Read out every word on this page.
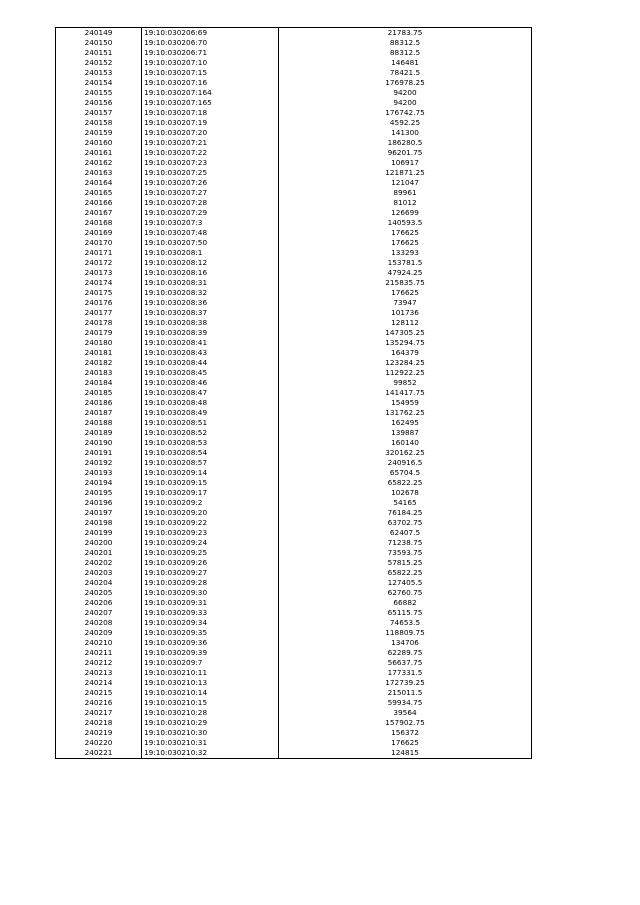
240149	19:10:030206:69	21783.75
240150	19:10:030206:70	88312.5
240151	19:10:030206:71	88312.5
240152	19:10:030207:10	146481
240153	19:10:030207:15	78421.5
240154	19:10:030207:16	176978.25
240155	19:10:030207:164	94200
240156	19:10:030207:165	94200
240157	19:10:030207:18	176742.75
240158	19:10:030207:19	4592.25
240159	19:10:030207:20	141300
240160	19:10:030207:21	186280.5
240161	19:10:030207:22	96201.75
240162	19:10:030207:23	106917
240163	19:10:030207:25	121871.25
240164	19:10:030207:26	121047
240165	19:10:030207:27	89961
240166	19:10:030207:28	81012
240167	19:10:030207:29	126699
240168	19:10:030207:3	140593.5
240169	19:10:030207:48	176625
240170	19:10:030207:50	176625
240171	19:10:030208:1	133293
240172	19:10:030208:12	153781.5
240173	19:10:030208:16	47924.25
240174	19:10:030208:31	215835.75
240175	19:10:030208:32	176625
240176	19:10:030208:36	73947
240177	19:10:030208:37	101736
240178	19:10:030208:38	128112
240179	19:10:030208:39	147305.25
240180	19:10:030208:41	135294.75
240181	19:10:030208:43	164379
240182	19:10:030208:44	123284.25
240183	19:10:030208:45	112922.25
240184	19:10:030208:46	99852
240185	19:10:030208:47	141417.75
240186	19:10:030208:48	154959
240187	19:10:030208:49	131762.25
240188	19:10:030208:51	162495
240189	19:10:030208:52	139887
240190	19:10:030208:53	160140
240191	19:10:030208:54	320162.25
240192	19:10:030208:57	240916.5
240193	19:10:030209:14	65704.5
240194	19:10:030209:15	65822.25
240195	19:10:030209:17	102678
240196	19:10:030209:2	54165
240197	19:10:030209:20	76184.25
240198	19:10:030209:22	63702.75
240199	19:10:030209:23	62407.5
240200	19:10:030209:24	71238.75
240201	19:10:030209:25	73593.75
240202	19:10:030209:26	57815.25
240203	19:10:030209:27	65822.25
240204	19:10:030209:28	127405.5
240205	19:10:030209:30	62760.75
240206	19:10:030209:31	66882
240207	19:10:030209:33	65115.75
240208	19:10:030209:34	74653.5
240209	19:10:030209:35	118809.75
240210	19:10:030209:36	134706
240211	19:10:030209:39	62289.75
240212	19:10:030209:7	56637.75
240213	19:10:030210:11	177331.5
240214	19:10:030210:13	172739.25
240215	19:10:030210:14	215011.5
240216	19:10:030210:15	59934.75
240217	19:10:030210:28	39564
240218	19:10:030210:29	157902.75
240219	19:10:030210:30	156372
240220	19:10:030210:31	176625
240221	19:10:030210:32	124815
